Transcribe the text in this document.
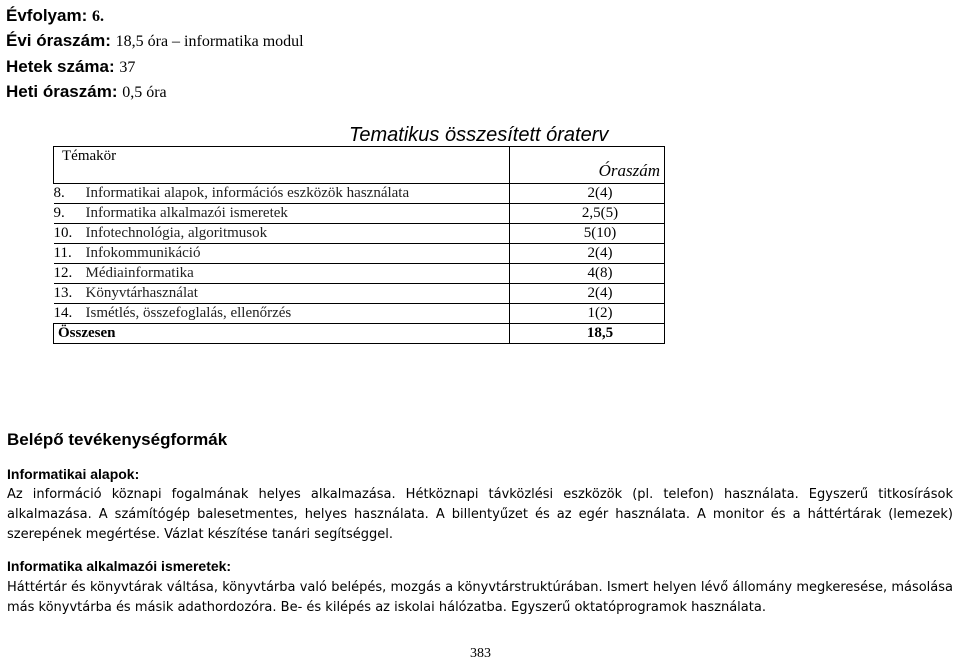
Évfolyam: 6.
Évi óraszám: 18,5 óra – informatika modul
Hetek száma: 37
Heti óraszám: 0,5 óra
Tematikus összesített óraterv
Témakör		Óraszám

8.	Informatikai alapok, információs eszközök használata	2(4)
9.	Informatika alkalmazói ismeretek	2,5(5)
10.	Infotechnológia, algoritmusok	5(10)
11.	Infokommunikáció	2(4)
12.	Médiainformatika	4(8)
13.	Könyvtárhasználat	2(4)
14.	Ismétlés, összefoglalás, ellenőrzés	1(2)
Összesen		18,5
Belépő tevékenységformák
Informatikai alapok:
Az információ köznapi fogalmának helyes alkalmazása. Hétköznapi távközlési eszközök (pl. telefon) használata. Egyszerű titkosírások alkalmazása. A számítógép balesetmentes, helyes használata. A billentyűzet és az egér használata. A monitor és a háttértárak (lemezek) szerepének megértése. Vázlat készítése tanári segítséggel.
Informatika alkalmazói ismeretek:
Háttértár és könyvtárak váltása, könyvtárba való belépés, mozgás a könyvtárstruktúrában. Ismert helyen lévő állomány megkeresése, másolása más könyvtárba és másik adathordozóra. Be- és kilépés az iskolai hálózatba. Egyszerű oktatóprogramok használata.
383
